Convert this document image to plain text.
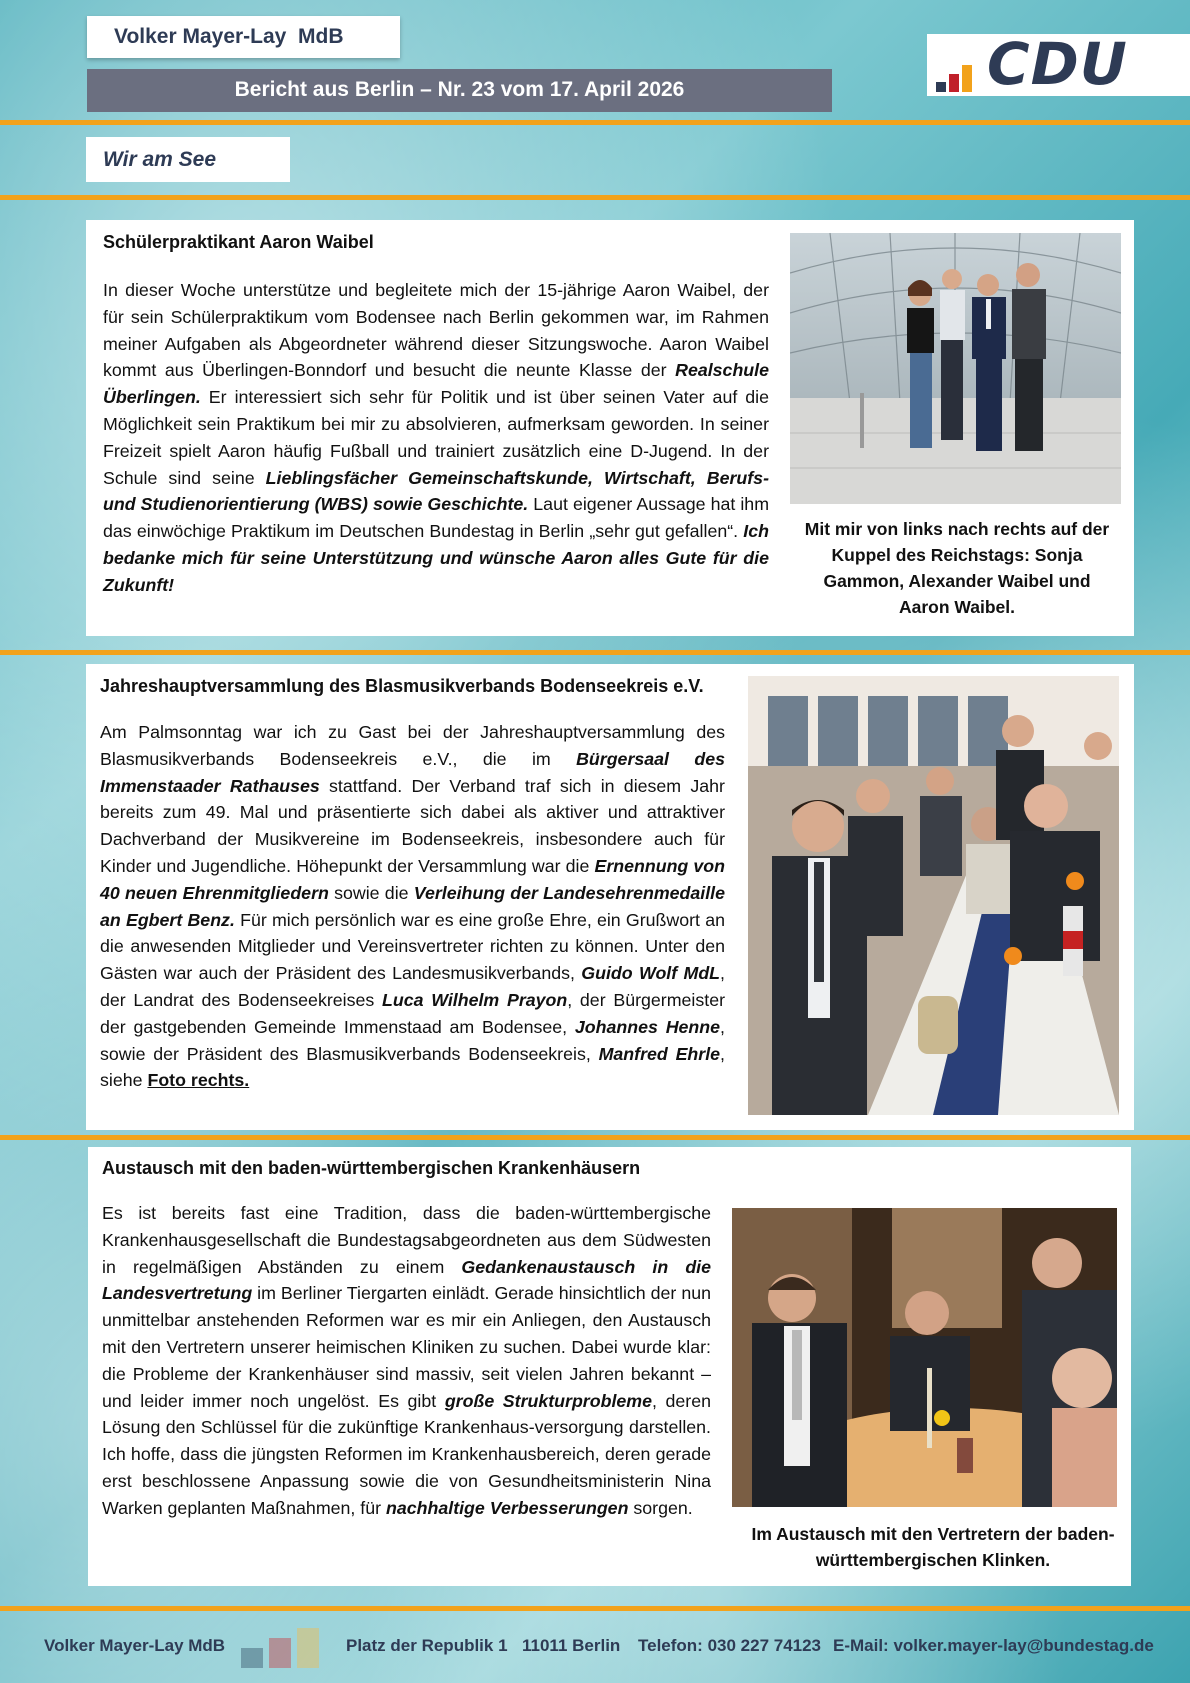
Volker Mayer-Lay  MdB
Bericht aus Berlin – Nr. 23 vom 17. April 2026	CDU
Wir am See
Schülerpraktikant Aaron Waibel
In dieser Woche unterstütze und begleitete mich der 15-jährige Aaron Waibel, der für sein Schülerpraktikum vom Bodensee nach Berlin gekommen war, im Rahmen meiner Aufgaben als Abgeordneter während dieser Sitzungswoche. Aaron Waibel kommt aus Überlingen-Bonndorf und besucht die neunte Klasse der Realschule Überlingen. Er interessiert sich sehr für Politik und ist über seinen Vater auf die Möglichkeit sein Praktikum bei mir zu absolvieren, aufmerksam geworden. In seiner Freizeit spielt Aaron häufig Fußball und trainiert zusätzlich eine D-Jugend. In der Schule sind seine Lieblingsfächer Gemeinschaftskunde, Wirtschaft, Berufs- und Studienorientierung (WBS) sowie Geschichte. Laut eigener Aussage hat ihm das einwöchige Praktikum im Deutschen Bundestag in Berlin „sehr gut gefallen“. Ich bedanke mich für seine Unterstützung und wünsche Aaron alles Gute für die Zukunft!
Mit mir von links nach rechts auf der Kuppel des Reichstags: Sonja Gammon, Alexander Waibel und Aaron Waibel.
Jahreshauptversammlung des Blasmusikverbands Bodenseekreis e.V.
Am Palmsonntag war ich zu Gast bei der Jahreshauptversammlung des Blasmusikverbands Bodenseekreis e.V., die im Bürgersaal des Immenstaader Rathauses stattfand. Der Verband traf sich in diesem Jahr bereits zum 49. Mal und präsentierte sich dabei als aktiver und attraktiver Dachverband der Musikvereine im Bodenseekreis, insbesondere auch für Kinder und Jugendliche. Höhepunkt der Versammlung war die Ernennung von 40 neuen Ehrenmitgliedern sowie die Verleihung der Landesehrenmedaille an Egbert Benz. Für mich persönlich war es eine große Ehre, ein Grußwort an die anwesenden Mitglieder und Vereinsvertreter richten zu können. Unter den Gästen war auch der Präsident des Landesmusikverbands, Guido Wolf MdL, der Landrat des Bodenseekreises Luca Wilhelm Prayon, der Bürgermeister der gastgebenden Gemeinde Immenstaad am Bodensee, Johannes Henne, sowie der Präsident des Blasmusikverbands Bodenseekreis, Manfred Ehrle, siehe Foto rechts.
Austausch mit den baden-württembergischen Krankenhäusern
Es ist bereits fast eine Tradition, dass die baden-württembergische Krankenhausgesellschaft die Bundestagsabgeordneten aus dem Südwesten in regelmäßigen Abständen zu einem Gedankenaustausch in die Landesvertretung im Berliner Tiergarten einlädt. Gerade hinsichtlich der nun unmittelbar anstehenden Reformen war es mir ein Anliegen, den Austausch mit den Vertretern unserer heimischen Kliniken zu suchen. Dabei wurde klar: die Probleme der Krankenhäuser sind massiv, seit vielen Jahren bekannt – und leider immer noch ungelöst. Es gibt große Strukturprobleme, deren Lösung den Schlüssel für die zukünftige Krankenhaus-versorgung darstellen. Ich hoffe, dass die jüngsten Reformen im Krankenhausbereich, deren gerade erst beschlossene Anpassung sowie die von Gesundheitsministerin Nina Warken geplanten Maßnahmen, für nachhaltige Verbesserungen sorgen.
Im Austausch mit den Vertretern der baden-württembergischen Klinken.
Volker Mayer-Lay MdB	Platz der Republik 1 11011 Berlin Telefon: 030 227 74123 E-Mail: volker.mayer-lay@bundestag.de
